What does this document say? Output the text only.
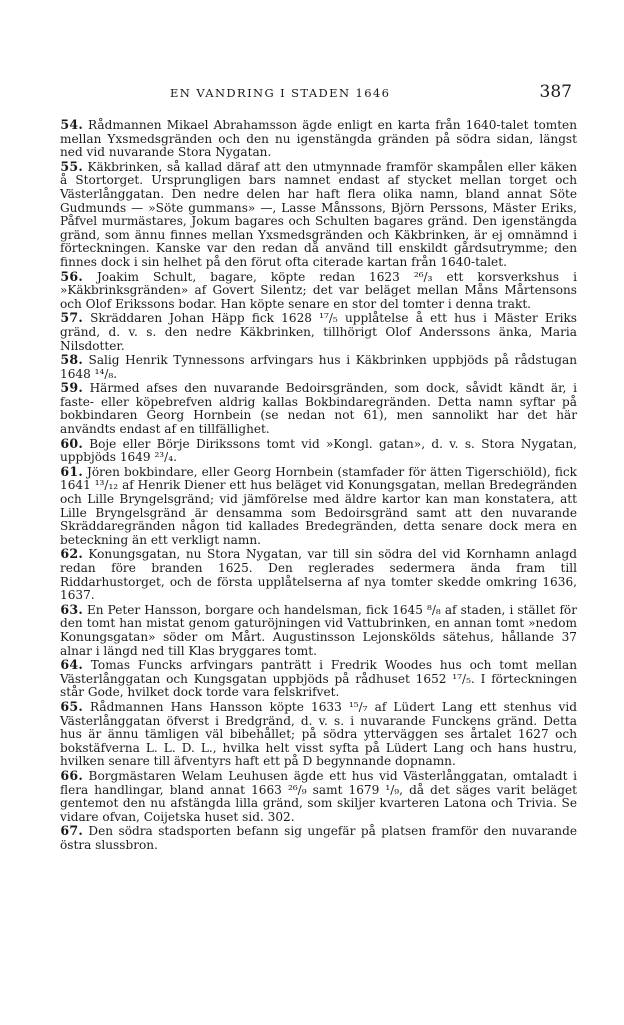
EN VANDRING I STADEN 1646	387

54. Rådmannen Mikael Abrahamsson ägde enligt en karta från 1640-talet tomten mellan Yxsmedsgränden och den nu igenstängda gränden på södra sidan, längst ned vid nuvarande Stora Nygatan.

55. Käkbrinken, så kallad däraf att den utmynnade framför skampålen eller käken å Stortorget. Ursprungligen bars namnet endast af stycket mellan torget och Västerlånggatan. Den nedre delen har haft flera olika namn, bland annat Söte Gudmunds — »Söte gummans» —, Lasse Månssons, Björn Perssons, Mäster Eriks, Påfvel murmästares, Jokum bagares och Schulten bagares gränd. Den igenstängda gränd, som ännu finnes mellan Yxsmedsgränden och Käkbrinken, är ej omnämnd i förteckningen. Kanske var den redan då använd till enskildt gårdsutrymme; den finnes dock i sin helhet på den förut ofta citerade kartan från 1640-talet.

56. Joakim Schult, bagare, köpte redan 1623 ²⁶/₃ ett korsverkshus i »Käkbrinksgränden» af Govert Silentz; det var beläget mellan Måns Mårtensons och Olof Erikssons bodar. Han köpte senare en stor del tomter i denna trakt.

57. Skräddaren Johan Häpp fick 1628 ¹⁷/₅ upplåtelse å ett hus i Mäster Eriks gränd, d. v. s. den nedre Käkbrinken, tillhörigt Olof Anderssons änka, Maria Nilsdotter.

58. Salig Henrik Tynnessons arfvingars hus i Käkbrinken uppbjöds på rådstugan 1648 ¹⁴/₈.

59. Härmed afses den nuvarande Bedoirsgränden, som dock, såvidt kändt är, i faste- eller köpebrefven aldrig kallas Bokbindaregränden. Detta namn syftar på bokbindaren Georg Hornbein (se nedan not 61), men sannolikt har det här användts endast af en tillfällighet.

60. Boje eller Börje Dirikssons tomt vid »Kongl. gatan», d. v. s. Stora Nygatan, uppbjöds 1649 ²³/₄.

61. Jören bokbindare, eller Georg Hornbein (stamfader för ätten Tigerschiöld), fick 1641 ¹³/₁₂ af Henrik Diener ett hus beläget vid Konungsgatan, mellan Bredegränden och Lille Bryngelsgränd; vid jämförelse med äldre kartor kan man konstatera, att Lille Bryngelsgränd är densamma som Bedoirsgränd samt att den nuvarande Skräddaregränden någon tid kallades Bredegränden, detta senare dock mera en beteckning än ett verkligt namn.

62. Konungsgatan, nu Stora Nygatan, var till sin södra del vid Kornhamn anlagd redan före branden 1625. Den reglerades sedermera ända fram till Riddarhustorget, och de första upplåtelserna af nya tomter skedde omkring 1636, 1637.

63. En Peter Hansson, borgare och handelsman, fick 1645 ⁸/₈ af staden, i stället för den tomt han mistat genom gaturöjningen vid Vattubrinken, en annan tomt »nedom Konungsgatan» söder om Mårt. Augustinsson Lejonskölds sätehus, hållande 37 alnar i längd ned till Klas bryggares tomt.

64. Tomas Funcks arfvingars panträtt i Fredrik Woodes hus och tomt mellan Västerlånggatan och Kungsgatan uppbjöds på rådhuset 1652 ¹⁷/₅. I förteckningen står Gode, hvilket dock torde vara felskrifvet.

65. Rådmannen Hans Hansson köpte 1633 ¹⁵/₇ af Lüdert Lang ett stenhus vid Västerlånggatan öfverst i Bredgränd, d. v. s. i nuvarande Funckens gränd. Detta hus är ännu tämligen väl bibehållet; på södra ytterväggen ses årtalet 1627 och bokstäfverna L. L. D. L., hvilka helt visst syfta på Lüdert Lang och hans hustru, hvilken senare till äfventyrs haft ett på D begynnande dopnamn.

66. Borgmästaren Welam Leuhusen ägde ett hus vid Västerlånggatan, omtaladt i flera handlingar, bland annat 1663 ²⁶/₉ samt 1679 ¹/₉, då det säges varit beläget gentemot den nu afstängda lilla gränd, som skiljer kvarteren Latona och Trivia. Se vidare ofvan, Coijetska huset sid. 302.

67. Den södra stadsporten befann sig ungefär på platsen framför den nuvarande östra slussbron.
